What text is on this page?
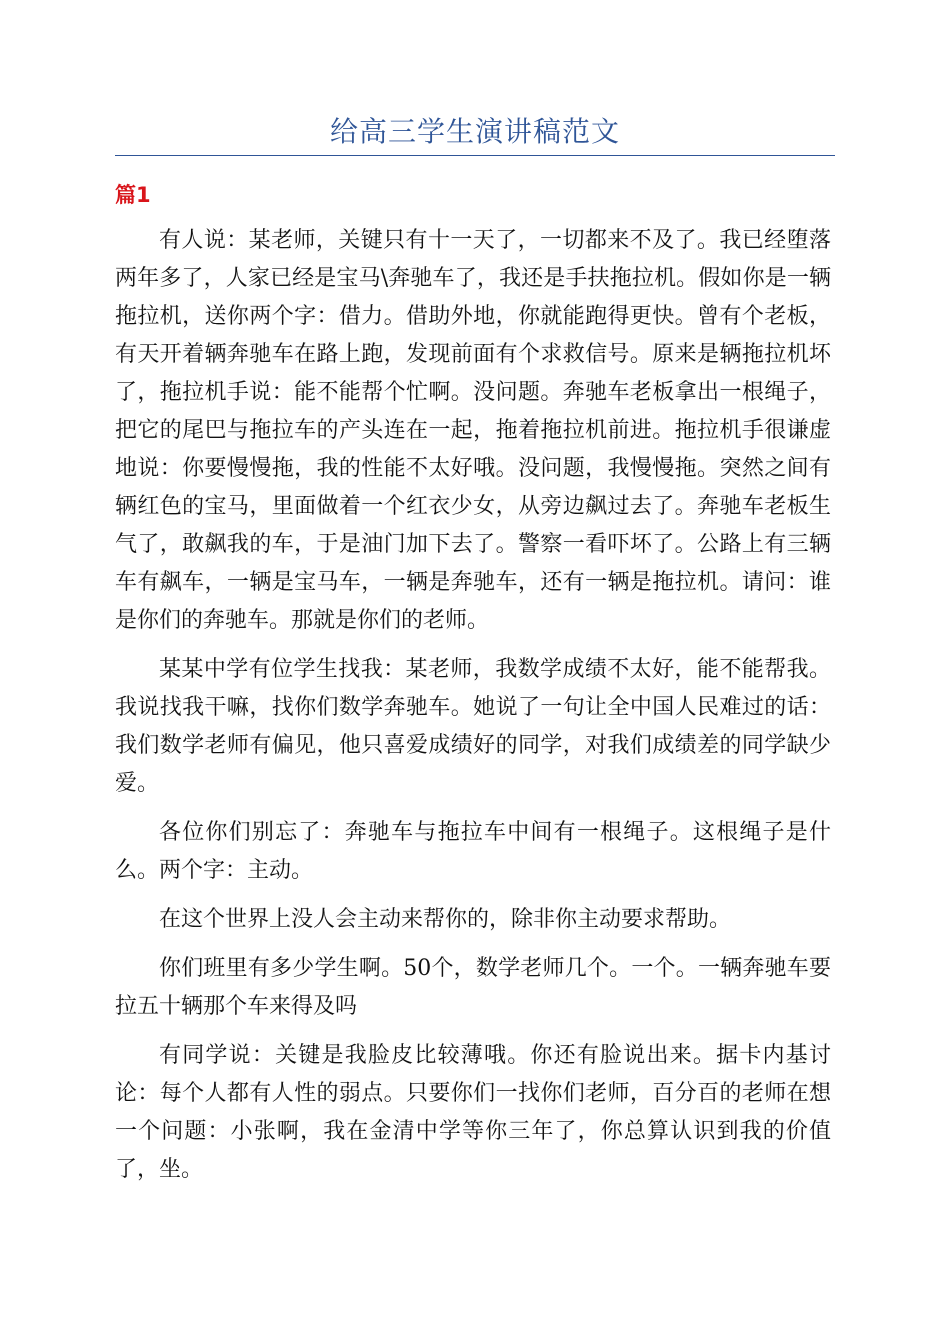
给高三学生演讲稿范文
篇1

有人说：某老师，关键只有十一天了，一切都来不及了。我已经堕落两年多了，人家已经是宝马\奔驰车了，我还是手扶拖拉机。假如你是一辆拖拉机，送你两个字：借力。借助外地，你就能跑得更快。曾有个老板，有天开着辆奔驰车在路上跑，发现前面有个求救信号。原来是辆拖拉机坏了，拖拉机手说：能不能帮个忙啊。没问题。奔驰车老板拿出一根绳子，把它的尾巴与拖拉车的产头连在一起，拖着拖拉机前进。拖拉机手很谦虚地说：你要慢慢拖，我的性能不太好哦。没问题，我慢慢拖。突然之间有辆红色的宝马，里面做着一个红衣少女，从旁边飙过去了。奔驰车老板生气了，敢飙我的车，于是油门加下去了。警察一看吓坏了。公路上有三辆车有飙车，一辆是宝马车，一辆是奔驰车，还有一辆是拖拉机。请问：谁是你们的奔驰车。那就是你们的老师。

某某中学有位学生找我：某老师，我数学成绩不太好，能不能帮我。我说找我干嘛，找你们数学奔驰车。她说了一句让全中国人民难过的话：我们数学老师有偏见，他只喜爱成绩好的同学，对我们成绩差的同学缺少爱。

各位你们别忘了：奔驰车与拖拉车中间有一根绳子。这根绳子是什么。两个字：主动。

在这个世界上没人会主动来帮你的，除非你主动要求帮助。

你们班里有多少学生啊。50个，数学老师几个。一个。一辆奔驰车要拉五十辆那个车来得及吗

有同学说：关键是我脸皮比较薄哦。你还有脸说出来。据卡内基讨论：每个人都有人性的弱点。只要你们一找你们老师，百分百的老师在想一个问题：小张啊，我在金清中学等你三年了，你总算认识到我的价值了，坐。
